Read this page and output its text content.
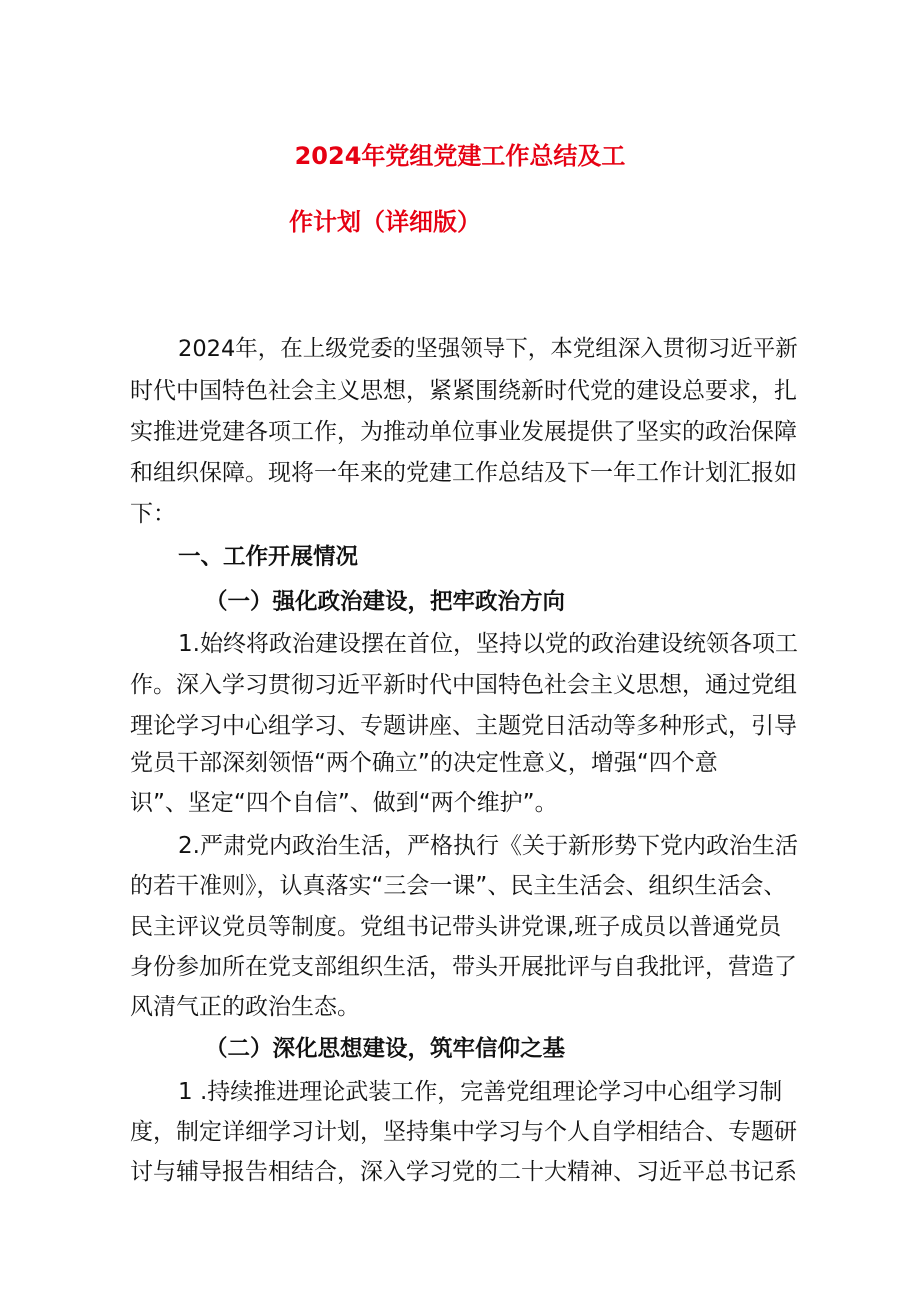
2024年党组党建工作总结及工
作计划（详细版）
2024年，在上级党委的坚强领导下，本党组深入贯彻习近平新
时代中国特色社会主义思想，紧紧围绕新时代党的建设总要求，扎
实推进党建各项工作，为推动单位事业发展提供了坚实的政治保障
和组织保障。现将一年来的党建工作总结及下一年工作计划汇报如
下：
一、工作开展情况
（一）强化政治建设，把牢政治方向
1.始终将政治建设摆在首位，坚持以党的政治建设统领各项工
作。深入学习贯彻习近平新时代中国特色社会主义思想，通过党组
理论学习中心组学习、专题讲座、主题党日活动等多种形式，引导
党员干部深刻领悟“两个确立”的决定性意义，增强“四个意
识”、坚定“四个自信”、做到“两个维护”。
2.严肃党内政治生活，严格执行《关于新形势下党内政治生活
的若干准则》，认真落实“三会一课”、民主生活会、组织生活会、
民主评议党员等制度。党组书记带头讲党课,班子成员以普通党员
身份参加所在党支部组织生活，带头开展批评与自我批评，营造了
风清气正的政治生态。
（二）深化思想建设，筑牢信仰之基
1 .持续推进理论武装工作，完善党组理论学习中心组学习制
度，制定详细学习计划，坚持集中学习与个人自学相结合、专题研
讨与辅导报告相结合，深入学习党的二十大精神、习近平总书记系
